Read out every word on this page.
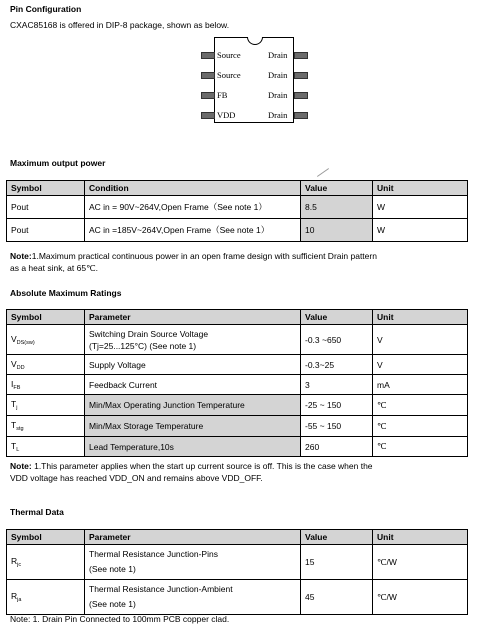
Pin Configuration
CXAC85168 is offered in DIP-8 package, shown as below.
Source
Source
FB
VDD
Drain
Drain
Drain
Drain
Maximum output power
Symbol	Condition	Value	Unit
Pout	AC in = 90V~264V,Open Frame（See note 1）	8.5	W
Pout	AC in =185V~264V,Open Frame（See note 1）	10	W
Note:1.Maximum practical continuous power in an open frame design with sufficient Drain pattern
as a heat sink, at 65℃.
Absolute Maximum Ratings
Symbol	Parameter	Value	Unit
$V_{DS(sw)}$	Switching Drain Source Voltage
(Tj=25...125°C) (See note 1)	-0.3 ~650	V
$V_{DD}$	Supply Voltage	-0.3~25	V
$I_{FB}$	Feedback Current	3	mA
$T_j$	Min/Max Operating Junction Temperature	-25 ~ 150	℃
$T_{stg}$	Min/Max Storage Temperature	-55 ~ 150	℃
$T_L$	Lead Temperature,10s	260	℃
Note: 1.This parameter applies when the start up current source is off. This is the case when the
VDD voltage has reached VDD_ON and remains above VDD_OFF.
Thermal Data
Symbol	Parameter	Value	Unit
$R_{jc}$	Thermal Resistance Junction-Pins
(See note 1)	15	℃/W
$R_{ja}$	Thermal Resistance Junction-Ambient
(See note 1)	45	℃/W
Note: 1. Drain Pin Connected to 100mm PCB copper clad.
